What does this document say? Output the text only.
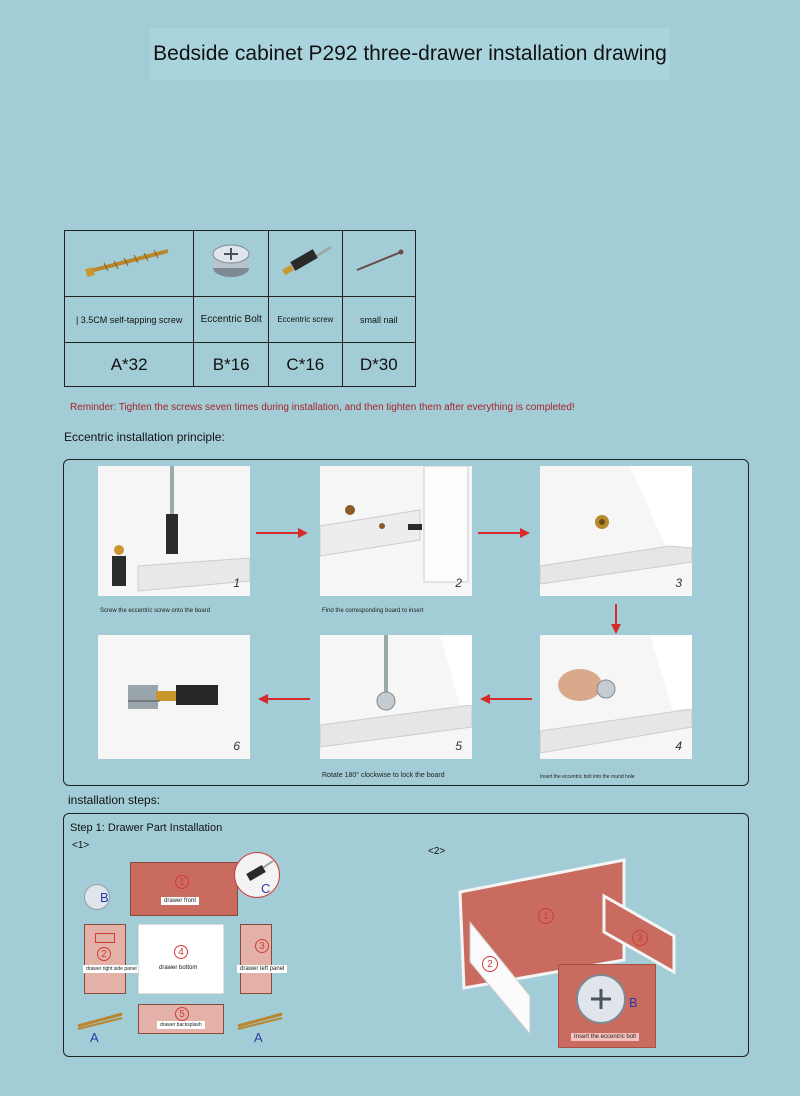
Bedside cabinet P292 three-drawer installation drawing

| 3.5CM self-tapping screw	Eccentric Bolt	Eccentric screw	small nail
A*32	B*16	C*16	D*30
Reminder: Tighten the screws seven times during installation, and then tighten them after everything is completed!
Eccentric installation principle:
1
Screw the eccentric screw onto the board
2
Find the corresponding board to insert
3
6	5
Rotate 180° clockwise to lock the board
4
Insert the eccentric bolt into the round hole
installation steps:
Step 1: Drawer Part Installation
<1>
<2>
1
drawer front
C
B
2
drawer right side panel
4
drawer bottom
3
drawer left panel
5
drawer backsplash
A	A
1
2
3
B
Insert the eccentric bolt
